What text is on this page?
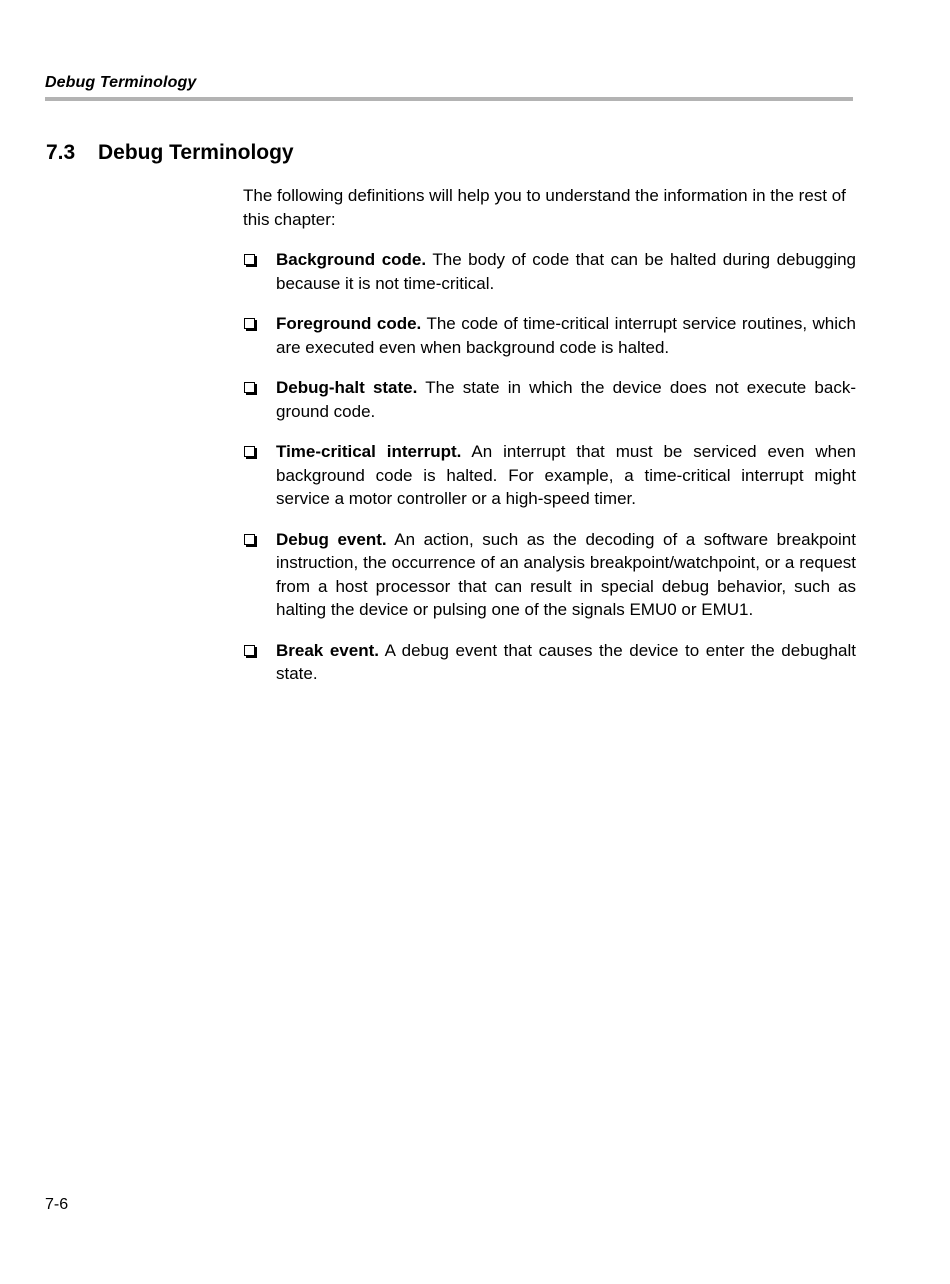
Debug Terminology
7.3 Debug Terminology

The following definitions will help you to understand the information in the rest of this chapter:

Background code. The body of code that can be halted during debugging because it is not time-critical.
Foreground code. The code of time-critical interrupt service routines, which are executed even when background code is halted.
Debug-halt state. The state in which the device does not execute background code.
Time-critical interrupt. An interrupt that must be serviced even when background code is halted. For example, a time-critical interrupt might service a motor controller or a high-speed timer.
Debug event. An action, such as the decoding of a software breakpoint instruction, the occurrence of an analysis breakpoint/watchpoint, or a request from a host processor that can result in special debug behavior, such as halting the device or pulsing one of the signals EMU0 or EMU1.
Break event. A debug event that causes the device to enter the debughalt state.
7-6
